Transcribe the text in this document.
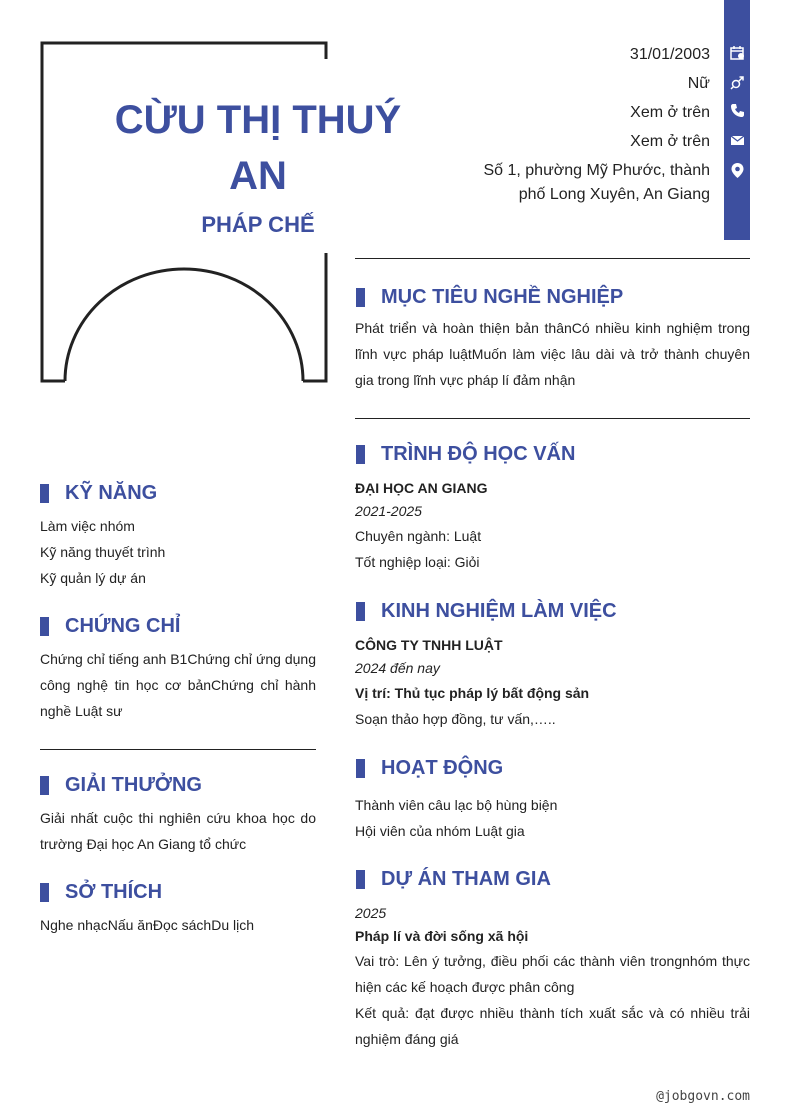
CỪU THỊ THUÝ
AN
PHÁP CHẾ
31/01/2003
Nữ
Xem ở trên
Xem ở trên
Số 1, phường Mỹ Phước, thành
phố Long Xuyên, An Giang
MỤC TIÊU NGHỀ NGHIỆP
Phát triển và hoàn thiện bản thânCó nhiều kinh nghiệm trong lĩnh vực pháp luậtMuốn làm việc lâu dài và trở thành chuyên gia trong lĩnh vực pháp lí đảm nhận
TRÌNH ĐỘ HỌC VẤN
ĐẠI HỌC AN GIANG
2021-2025
Chuyên ngành: Luật
Tốt nghiệp loại: Giỏi
KINH NGHIỆM LÀM VIỆC
CÔNG TY TNHH LUẬT
2024 đến nay
Vị trí: Thủ tục pháp lý bất động sản
Soạn thảo hợp đồng, tư vấn,…..
HOẠT ĐỘNG
Thành viên câu lạc bộ hùng biện
Hội viên của nhóm Luật gia
DỰ ÁN THAM GIA
2025
Pháp lí và đời sống xã hội
Vai trò: Lên ý tưởng, điều phối các thành viên trongnhóm thực hiện các kế hoạch được phân công
Kết quả: đạt được nhiều thành tích xuất sắc và có nhiều trải nghiệm đáng giá
KỸ NĂNG
Làm việc nhóm
Kỹ năng thuyết trình
Kỹ quản lý dự án
CHỨNG CHỈ
Chứng chỉ tiếng anh B1Chứng chỉ ứng dụng công nghệ tin học cơ bảnChứng chỉ hành nghề Luật sư
GIẢI THƯỞNG
Giải nhất cuộc thi nghiên cứu khoa học do trường Đại học An Giang tổ chức
SỞ THÍCH
Nghe nhạcNấu ănĐọc sáchDu lịch
@jobgovn.com
